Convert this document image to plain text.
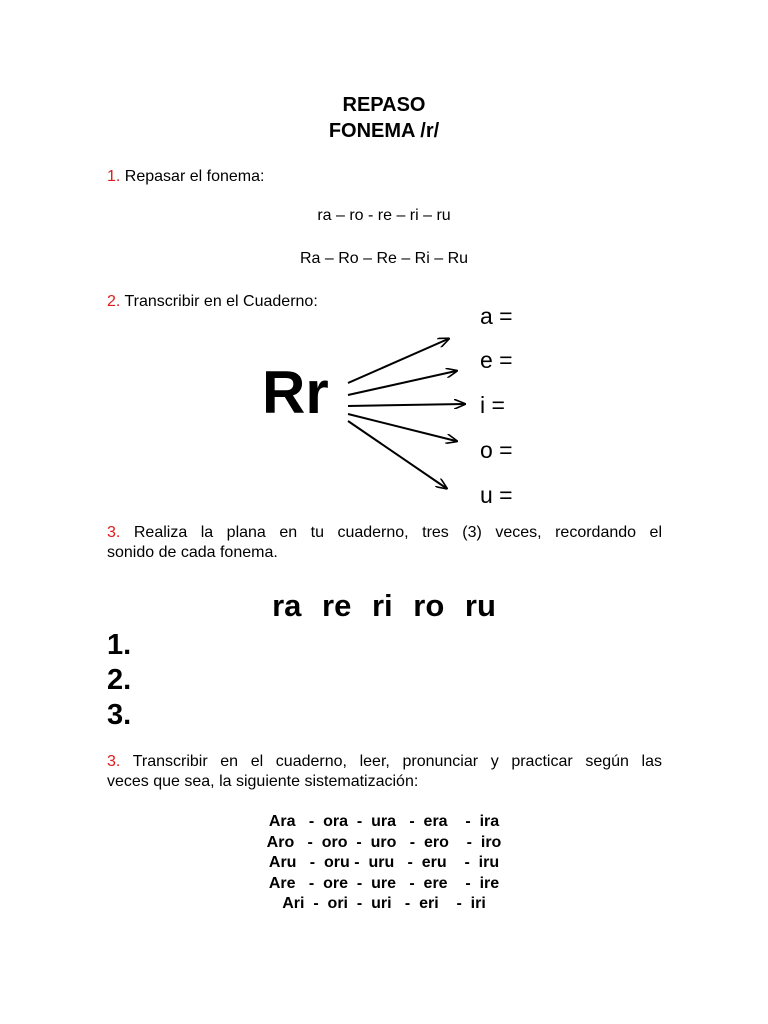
REPASO
FONEMA /r/
1. Repasar el fonema:
ra – ro - re – ri – ru
Ra – Ro – Re – Ri – Ru
2. Transcribir en el Cuaderno:
Rr
a =
e =
i =
o =
u =
3. Realiza la plana en tu cuaderno, tres (3) veces, recordando el
sonido de cada fonema.
ra re ri ro ru
1.
2.
3.
3. Transcribir en el cuaderno, leer, pronunciar y practicar según las
veces que sea, la siguiente sistematización:
Ara   -  ora  -  ura   -  era    -  ira
Aro   -  oro  -  uro   -  ero    -  iro
Aru   -  oru -  uru   -  eru    -  iru
Are   -  ore  -  ure   -  ere    -  ire
Ari  -  ori  -  uri   -  eri    -  iri
